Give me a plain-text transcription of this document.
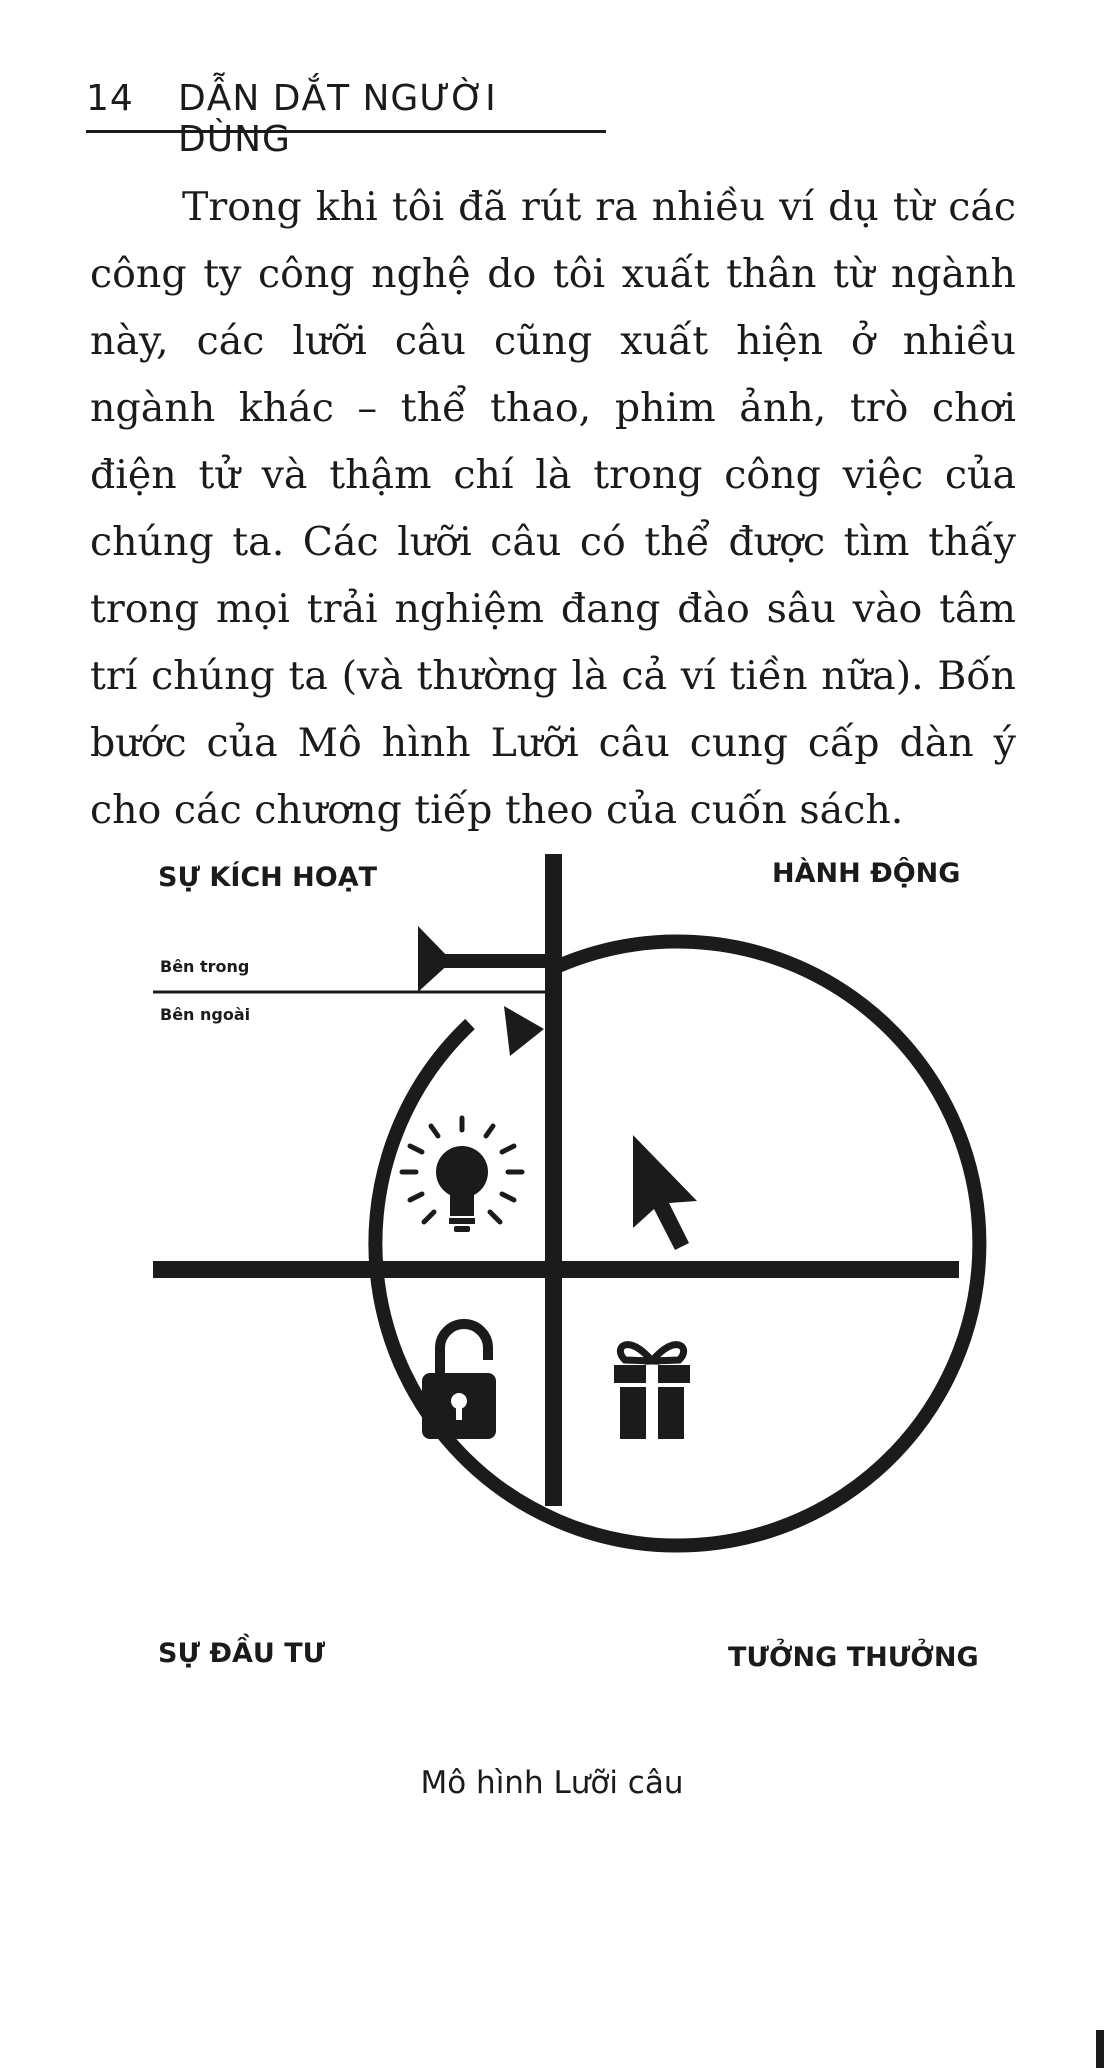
14 DẪN DẮT NGƯỜI DÙNG

Trong khi tôi đã rút ra nhiều ví dụ từ các công ty công nghệ do tôi xuất thân từ ngành này, các lưỡi câu cũng xuất hiện ở nhiều ngành khác – thể thao, phim ảnh, trò chơi điện tử và thậm chí là trong công việc của chúng ta. Các lưỡi câu có thể được tìm thấy trong mọi trải nghiệm đang đào sâu vào tâm trí chúng ta (và thường là cả ví tiền nữa). Bốn bước của Mô hình Lưỡi câu cung cấp dàn ý cho các chương tiếp theo của cuốn sách.

SỰ KÍCH HOẠT	HÀNH ĐỘNG
SỰ ĐẦU TƯ	TƯỞNG THƯỞNG
Bên trong
Bên ngoài
Mô hình Lưỡi câu
